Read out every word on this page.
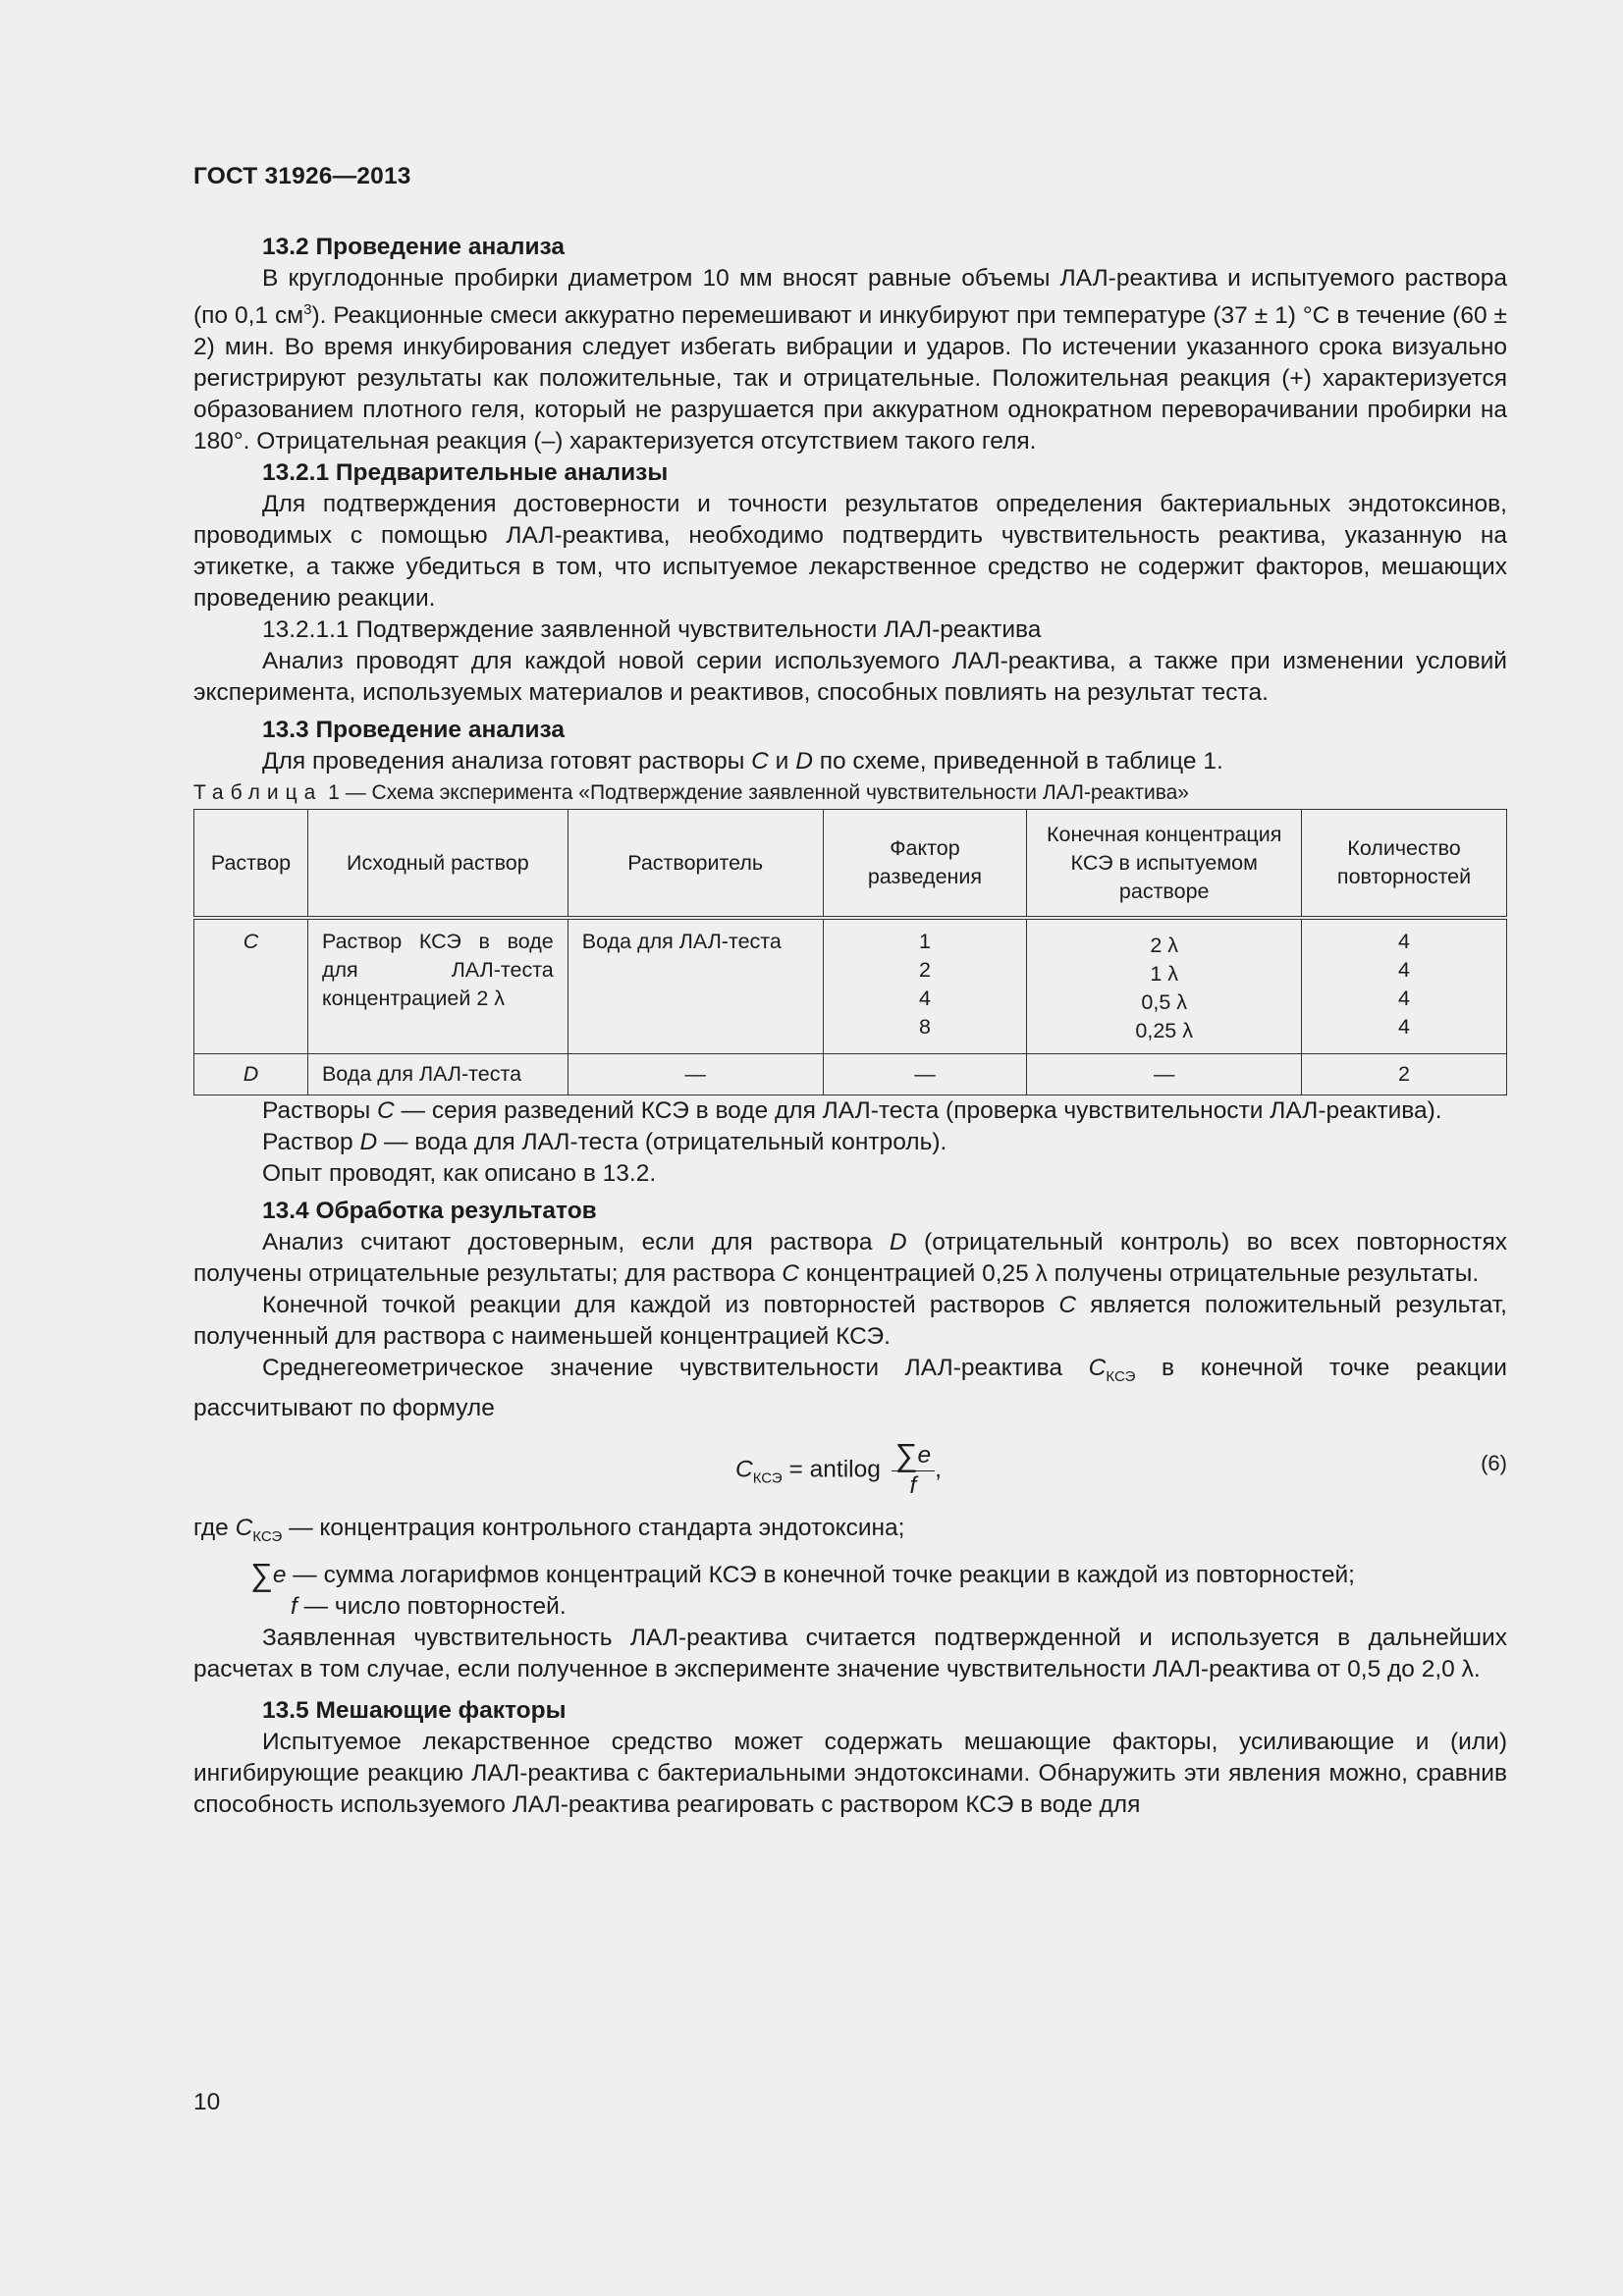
ГОСТ 31926—2013

13.2 Проведение анализа

В круглодонные пробирки диаметром 10 мм вносят равные объемы ЛАЛ-реактива и испытуемого раствора (по 0,1 $см^3$). Реакционные смеси аккуратно перемешивают и инкубируют при температуре (37 ± 1) °С в течение (60 ± 2) мин. Во время инкубирования следует избегать вибрации и ударов. По истечении указанного срока визуально регистрируют результаты как положительные, так и отрицательные. Положительная реакция (+) характеризуется образованием плотного геля, который не разрушается при аккуратном однократном переворачивании пробирки на 180°. Отрицательная реакция (–) характеризуется отсутствием такого геля.

13.2.1 Предварительные анализы

Для подтверждения достоверности и точности результатов определения бактериальных эндотоксинов, проводимых с помощью ЛАЛ-реактива, необходимо подтвердить чувствительность реактива, указанную на этикетке, а также убедиться в том, что испытуемое лекарственное средство не содержит факторов, мешающих проведению реакции.

13.2.1.1 Подтверждение заявленной чувствительности ЛАЛ-реактива

Анализ проводят для каждой новой серии используемого ЛАЛ-реактива, а также при изменении условий эксперимента, используемых материалов и реактивов, способных повлиять на результат теста.

13.3 Проведение анализа

Для проведения анализа готовят растворы C и D по схеме, приведенной в таблице 1.

Таблица 1 — Схема эксперимента «Подтверждение заявленной чувствительности ЛАЛ-реактива»

Раствор	Исходный раствор	Растворитель	Фактор разведения	Конечная концентрация КСЭ в испытуемом растворе	Количество повторностей
C	Раствор КСЭ в воде для ЛАЛ-теста концентрацией 2 λ	Вода для ЛАЛ-теста	1
2
4
8	2 λ
1 λ
0,5 λ
0,25 λ	4
4
4
4

D	Вода для ЛАЛ-теста	—	—	—	2

Растворы C — серия разведений КСЭ в воде для ЛАЛ-теста (проверка чувствительности ЛАЛ-реактива).

Раствор D — вода для ЛАЛ-теста (отрицательный контроль).

Опыт проводят, как описано в 13.2.

13.4 Обработка результатов

Анализ считают достоверным, если для раствора D (отрицательный контроль) во всех повторностях получены отрицательные результаты; для раствора C концентрацией 0,25 λ получены отрицательные результаты.

Конечной точкой реакции для каждой из повторностей растворов C является положительный результат, полученный для раствора с наименьшей концентрацией КСЭ.

Среднегеометрическое значение чувствительности ЛАЛ-реактива $C_{КСЭ}$ в конечной точке реакции рассчитывают по формуле

$C_{КСЭ}$ = antilog $\frac{\sum e}{f}$ ,	(6)

где $C_{КСЭ}$ — концентрация контрольного стандарта эндотоксина;

∑e — сумма логарифмов концентраций КСЭ в конечной точке реакции в каждой из повторностей;

f — число повторностей.

Заявленная чувствительность ЛАЛ-реактива считается подтвержденной и используется в дальнейших расчетах в том случае, если полученное в эксперименте значение чувствительности ЛАЛ-реактива от 0,5 до 2,0 λ.

13.5 Мешающие факторы

Испытуемое лекарственное средство может содержать мешающие факторы, усиливающие и (или) ингибирующие реакцию ЛАЛ-реактива с бактериальными эндотоксинами. Обнаружить эти явления можно, сравнив способность используемого ЛАЛ-реактива реагировать с раствором КСЭ в воде для

10
